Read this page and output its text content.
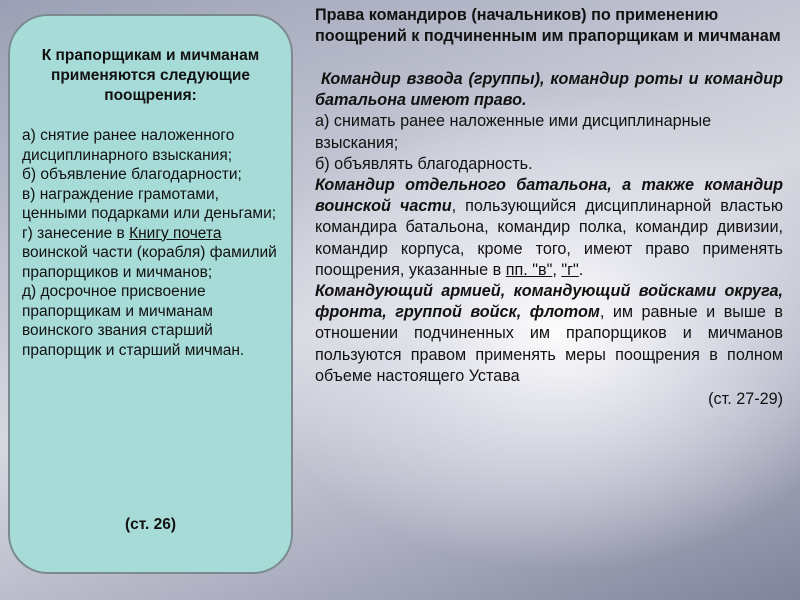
К прапорщикам и мичманам применяются следующие поощрения:
а) снятие ранее наложенного дисциплинарного взыскания;
б) объявление благодарности;
в) награждение грамотами, ценными подарками или деньгами;
г) занесение в Книгу почета воинской части (корабля) фамилий прапорщиков и мичманов;
д) досрочное присвоение прапорщикам и мичманам воинского звания старший прапорщик и старший мичман.
(ст. 26)

Права командиров (начальников) по применению поощрений к подчиненным им прапорщикам и мичманам

Командир взвода (группы), командир роты и командир батальона имеют право.

а) снимать ранее наложенные ими дисциплинарные взыскания;

б) объявлять благодарность.

Командир отдельного батальона, а также командир воинской части, пользующийся дисциплинарной властью командира батальона, командир полка, командир дивизии, командир корпуса, кроме того, имеют право применять поощрения, указанные в пп. "в", "г".

Командующий армией, командующий войсками округа, фронта, группой войск, флотом, им равные и выше в отношении подчиненных им прапорщиков и мичманов пользуются правом применять меры поощрения в полном объеме настоящего Устава

(ст. 27-29)
